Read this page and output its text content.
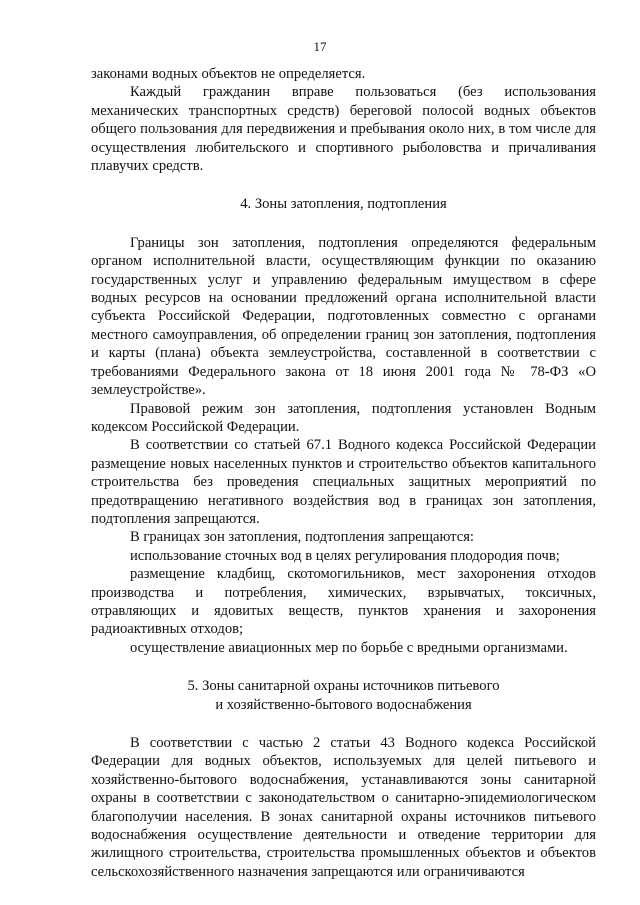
17

законами водных объектов не определяется.

Каждый гражданин вправе пользоваться (без использования механических транспортных средств) береговой полосой водных объектов общего пользования для передвижения и пребывания около них, в том числе для осуществления любительского и спортивного рыболовства и причаливания плавучих средств.

4. Зоны затопления, подтопления

Границы зон затопления, подтопления определяются федеральным органом исполнительной власти, осуществляющим функции по оказанию государственных услуг и управлению федеральным имуществом в сфере водных ресурсов на основании предложений органа исполнительной власти субъекта Российской Федерации, подготовленных совместно с органами местного самоуправления, об определении границ зон затопления, подтопления и карты (плана) объекта землеустройства, составленной в соответствии с требованиями Федерального закона от 18 июня 2001 года № 78-ФЗ «О землеустройстве».

Правовой режим зон затопления, подтопления установлен Водным кодексом Российской Федерации.

В соответствии со статьей 67.1 Водного кодекса Российской Федерации размещение новых населенных пунктов и строительство объектов капитального строительства без проведения специальных защитных мероприятий по предотвращению негативного воздействия вод в границах зон затопления, подтопления запрещаются.

В границах зон затопления, подтопления запрещаются:

использование сточных вод в целях регулирования плодородия почв;

размещение кладбищ, скотомогильников, мест захоронения отходов производства и потребления, химических, взрывчатых, токсичных, отравляющих и ядовитых веществ, пунктов хранения и захоронения радиоактивных отходов;

осуществление авиационных мер по борьбе с вредными организмами.

5. Зоны санитарной охраны источников питьевого
и хозяйственно-бытового водоснабжения

В соответствии с частью 2 статьи 43 Водного кодекса Российской Федерации для водных объектов, используемых для целей питьевого и хозяйственно-бытового водоснабжения, устанавливаются зоны санитарной охраны в соответствии с законодательством о санитарно-эпидемиологическом благополучии населения. В зонах санитарной охраны источников питьевого водоснабжения осуществление деятельности и отведение территории для жилищного строительства, строительства промышленных объектов и объектов сельскохозяйственного назначения запрещаются или ограничиваются
